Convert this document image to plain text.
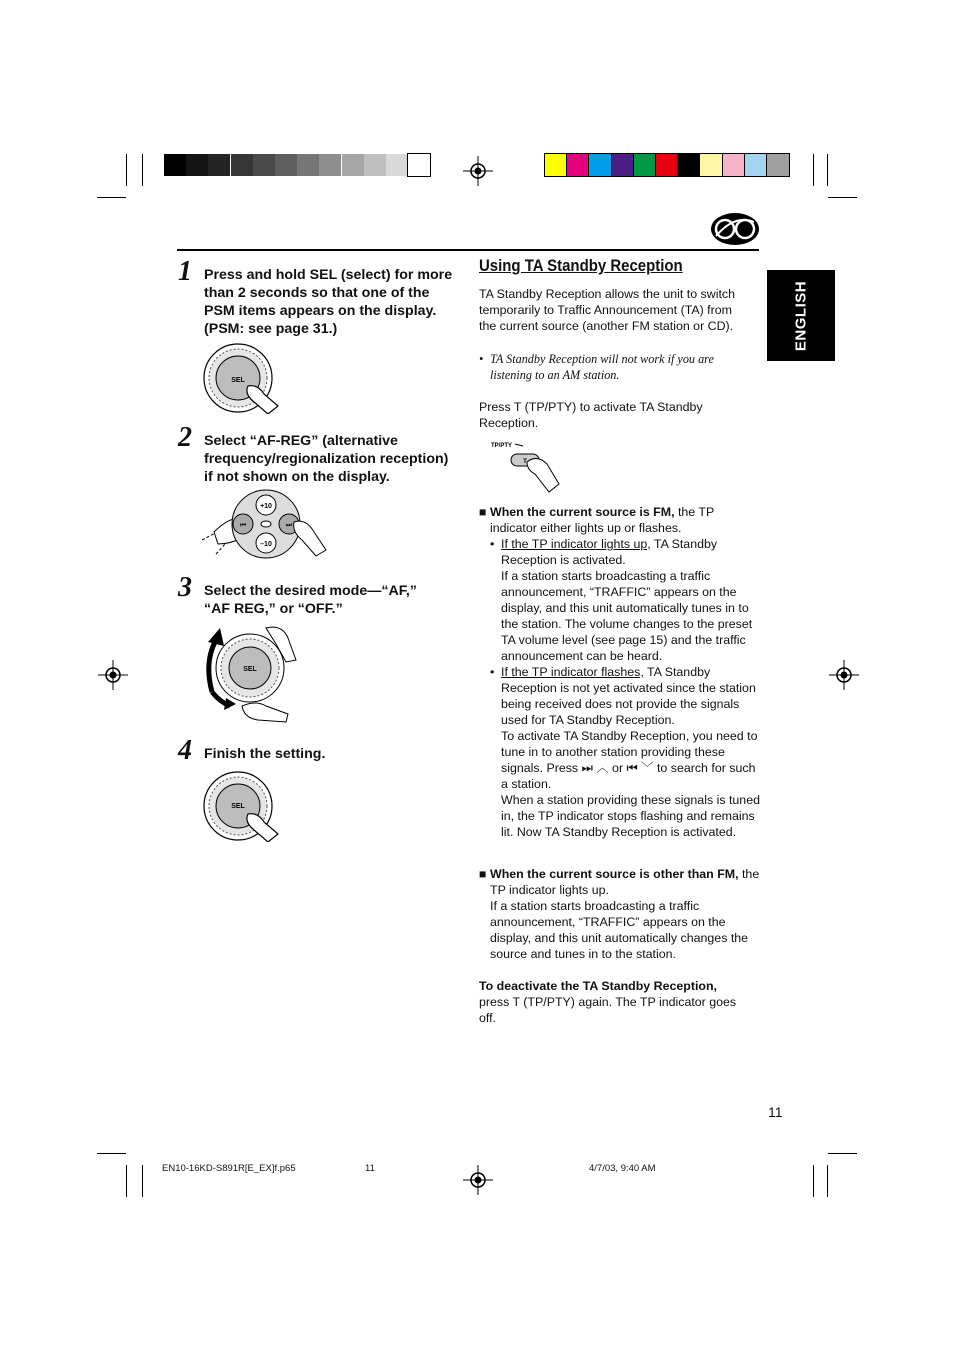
ENGLISH
1 Press and hold SEL (select) for more than 2 seconds so that one of the PSM items appears on the display. (PSM: see page 31.)
SEL
2 Select “AF-REG” (alternative frequency/regionalization reception) if not shown on the display.
+10
–10
⏮	⏭
3 Select the desired mode—“AF,” “AF REG,” or “OFF.”
SEL
4 Finish the setting.
SEL
Using TA Standby Reception

TA Standby Reception allows the unit to switch temporarily to Traffic Announcement (TA) from the current source (another FM station or CD).

• TA Standby Reception will not work if you are listening to an AM station.

Press T (TP/PTY) to activate TA Standby Reception.

TP/PTY
T
■ When the current source is FM, the TP indicator either lights up or flashes.
• If the TP indicator lights up, TA Standby Reception is activated.

If a station starts broadcasting a traffic announcement, “TRAFFIC” appears on the display, and this unit automatically tunes in to the station. The volume changes to the preset TA volume level (see page 15) and the traffic announcement can be heard.

• If the TP indicator flashes, TA Standby Reception is not yet activated since the station being received does not provide the signals used for TA Standby Reception.

To activate TA Standby Reception, you need to tune in to another station providing these signals. Press ⏭ ︿ or ⏮ ﹀ to search for such a station.

When a station providing these signals is tuned in, the TP indicator stops flashing and remains lit. Now TA Standby Reception is activated.

■ When the current source is other than FM, the TP indicator lights up.

If a station starts broadcasting a traffic announcement, “TRAFFIC” appears on the display, and this unit automatically changes the source and tunes in to the station.

To deactivate the TA Standby Reception, press T (TP/PTY) again. The TP indicator goes off.
11
EN10-16KD-S891R[E_EX]f.p65	11	4/7/03, 9:40 AM
